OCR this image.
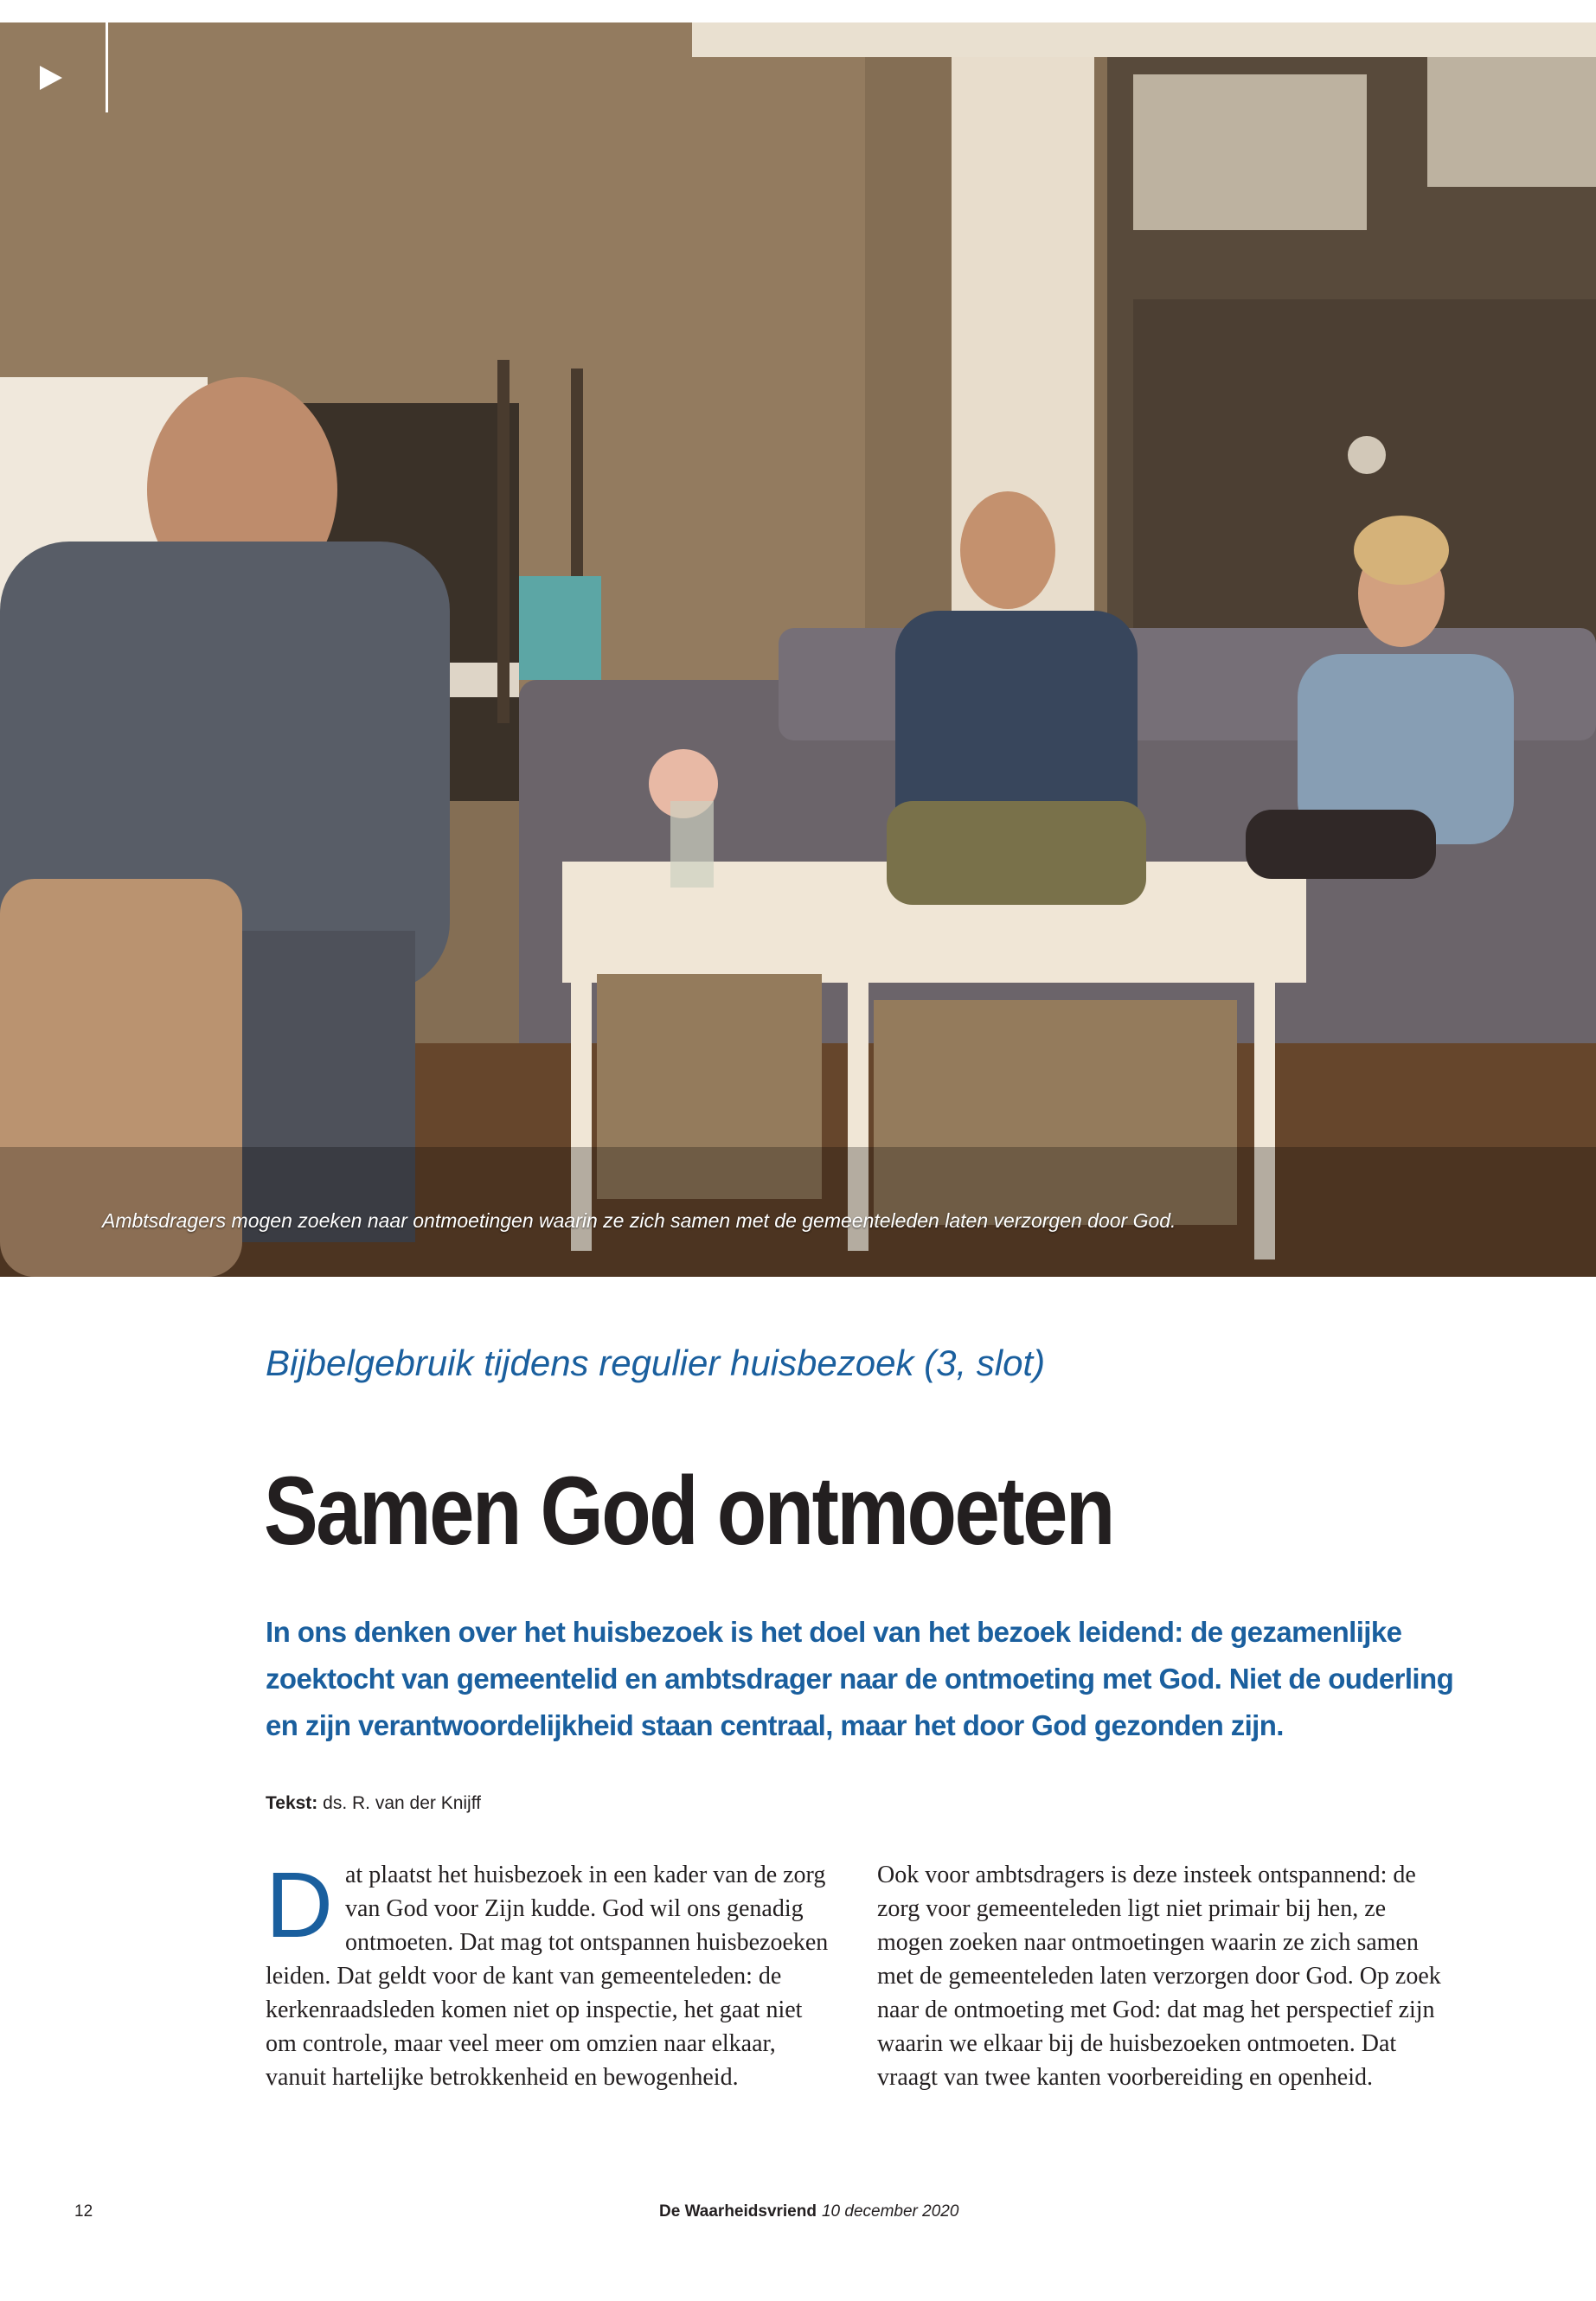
Ambtsdragers mogen zoeken naar ontmoetingen waarin ze zich samen met de gemeenteleden laten verzorgen door God.
Bijbelgebruik tijdens regulier huisbezoek (3, slot)
Samen God ontmoeten
In ons denken over het huisbezoek is het doel van het bezoek leidend: de gezamenlijke zoektocht van gemeentelid en ambtsdrager naar de ontmoeting met God. Niet de ouderling en zijn verantwoordelijkheid staan centraal, maar het door God gezonden zijn.
Tekst: ds. R. van der Knijff
D at plaatst het huisbezoek in een kader van de zorg van God voor Zijn kudde. God wil ons genadig ontmoeten. Dat mag tot ontspannen huisbezoeken leiden. Dat geldt voor de kant van gemeenteleden: de kerkenraadsleden komen niet op inspectie, het gaat niet om controle, maar veel meer om omzien naar elkaar, vanuit hartelijke betrokkenheid en bewogenheid.
Ook voor ambtsdragers is deze insteek ontspannend: de zorg voor gemeenteleden ligt niet primair bij hen, ze mogen zoeken naar ontmoetingen waarin ze zich samen met de gemeenteleden laten verzorgen door God. Op zoek naar de ontmoeting met God: dat mag het perspectief zijn waarin we elkaar bij de huisbezoeken ontmoeten. Dat vraagt van twee kanten voorbereiding en openheid.
12	De Waarheidsvriend 10 december 2020
